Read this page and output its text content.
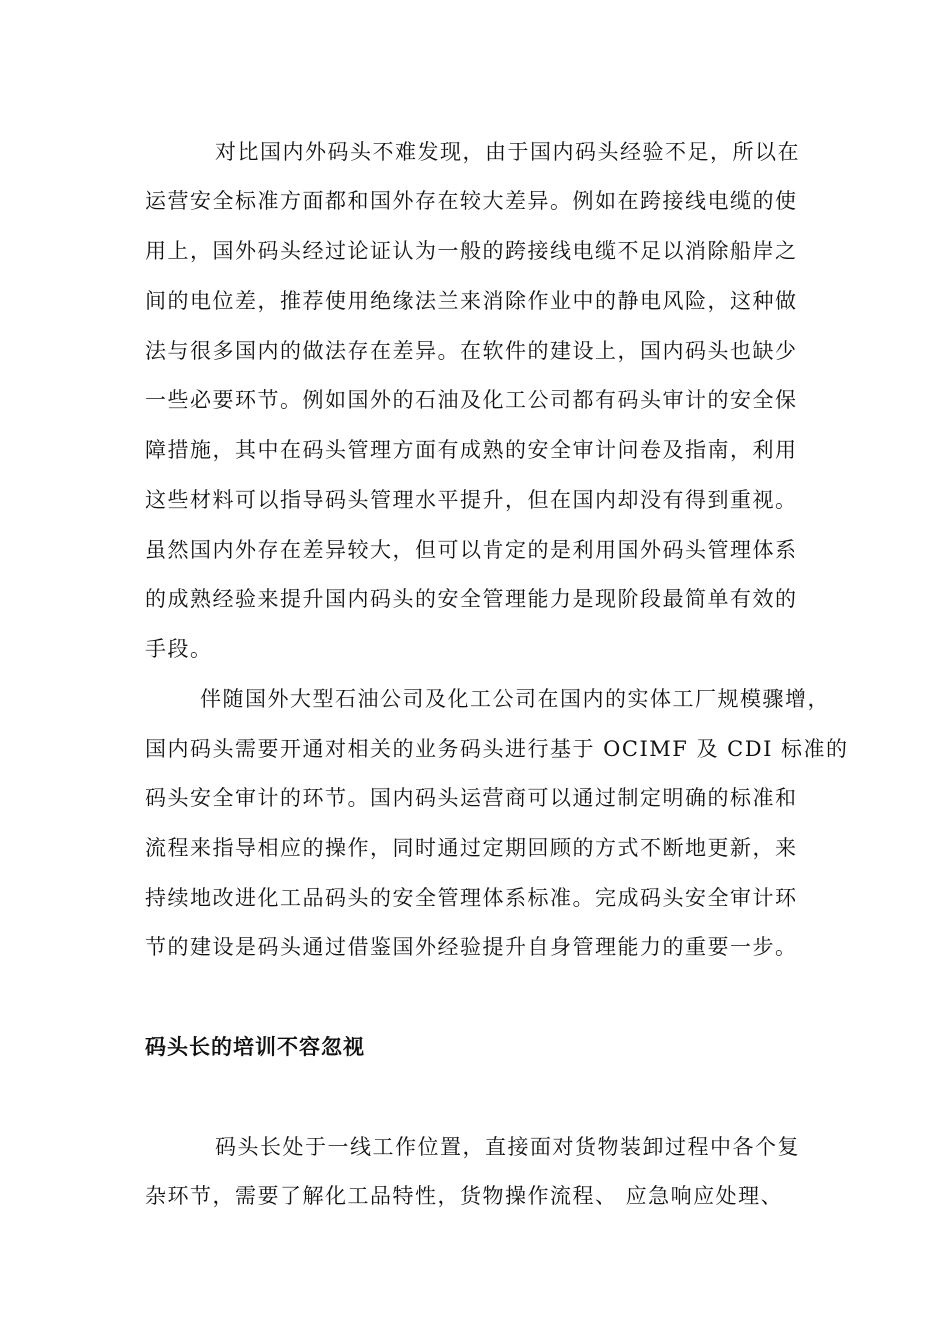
对比国内外码头不难发现，由于国内码头经验不足，所以在
运营安全标准方面都和国外存在较大差异。例如在跨接线电缆的使
用上，国外码头经过论证认为一般的跨接线电缆不足以消除船岸之
间的电位差，推荐使用绝缘法兰来消除作业中的静电风险，这种做
法与很多国内的做法存在差异。在软件的建设上，国内码头也缺少
一些必要环节。例如国外的石油及化工公司都有码头审计的安全保
障措施，其中在码头管理方面有成熟的安全审计问卷及指南，利用
这些材料可以指导码头管理水平提升，但在国内却没有得到重视。
虽然国内外存在差异较大，但可以肯定的是利用国外码头管理体系
的成熟经验来提升国内码头的安全管理能力是现阶段最简单有效的
手段。
伴随国外大型石油公司及化工公司在国内的实体工厂规模骤增，
国内码头需要开通对相关的业务码头进行基于 OCIMF 及 CDI 标准的
码头安全审计的环节。国内码头运营商可以通过制定明确的标准和
流程来指导相应的操作，同时通过定期回顾的方式不断地更新，来
持续地改进化工品码头的安全管理体系标准。完成码头安全审计环
节的建设是码头通过借鉴国外经验提升自身管理能力的重要一步。
码头长的培训不容忽视
码头长处于一线工作位置，直接面对货物装卸过程中各个复
杂环节，需要了解化工品特性，货物操作流程、 应急响应处理、
